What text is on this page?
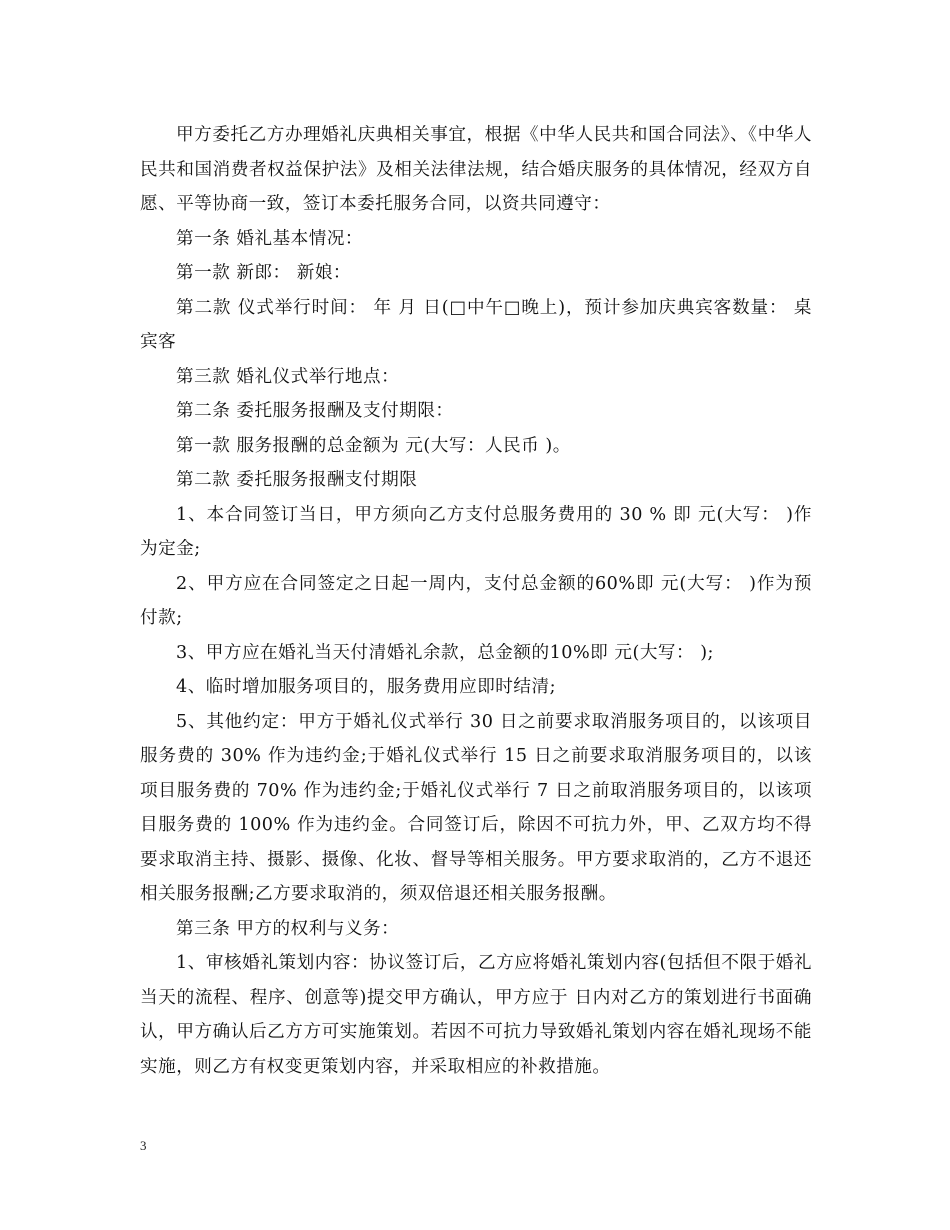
甲方委托乙方办理婚礼庆典相关事宜，根据《中华人民共和国合同法》、《中华人民共和国消费者权益保护法》及相关法律法规，结合婚庆服务的具体情况，经双方自愿、平等协商一致，签订本委托服务合同，以资共同遵守：

第一条 婚礼基本情况：

第一款 新郎： 新娘：

第二款 仪式举行时间： 年 月 日(□中午□晚上)，预计参加庆典宾客数量： 桌宾客

第三款 婚礼仪式举行地点：

第二条 委托服务报酬及支付期限：

第一款 服务报酬的总金额为 元(大写：人民币 )。

第二款 委托服务报酬支付期限

1、本合同签订当日，甲方须向乙方支付总服务费用的 30 % 即 元(大写： )作为定金;

2、甲方应在合同签定之日起一周内，支付总金额的60%即 元(大写： )作为预付款;

3、甲方应在婚礼当天付清婚礼余款，总金额的10%即 元(大写： );

4、临时增加服务项目的，服务费用应即时结清;

5、其他约定：甲方于婚礼仪式举行 30 日之前要求取消服务项目的，以该项目服务费的 30% 作为违约金;于婚礼仪式举行 15 日之前要求取消服务项目的，以该项目服务费的 70% 作为违约金;于婚礼仪式举行 7 日之前取消服务项目的，以该项目服务费的 100% 作为违约金。合同签订后，除因不可抗力外，甲、乙双方均不得要求取消主持、摄影、摄像、化妆、督导等相关服务。甲方要求取消的，乙方不退还相关服务报酬;乙方要求取消的，须双倍退还相关服务报酬。

第三条 甲方的权利与义务：

1、审核婚礼策划内容：协议签订后，乙方应将婚礼策划内容(包括但不限于婚礼当天的流程、程序、创意等)提交甲方确认，甲方应于 日内对乙方的策划进行书面确认，甲方确认后乙方方可实施策划。若因不可抗力导致婚礼策划内容在婚礼现场不能实施，则乙方有权变更策划内容，并采取相应的补救措施。

3
